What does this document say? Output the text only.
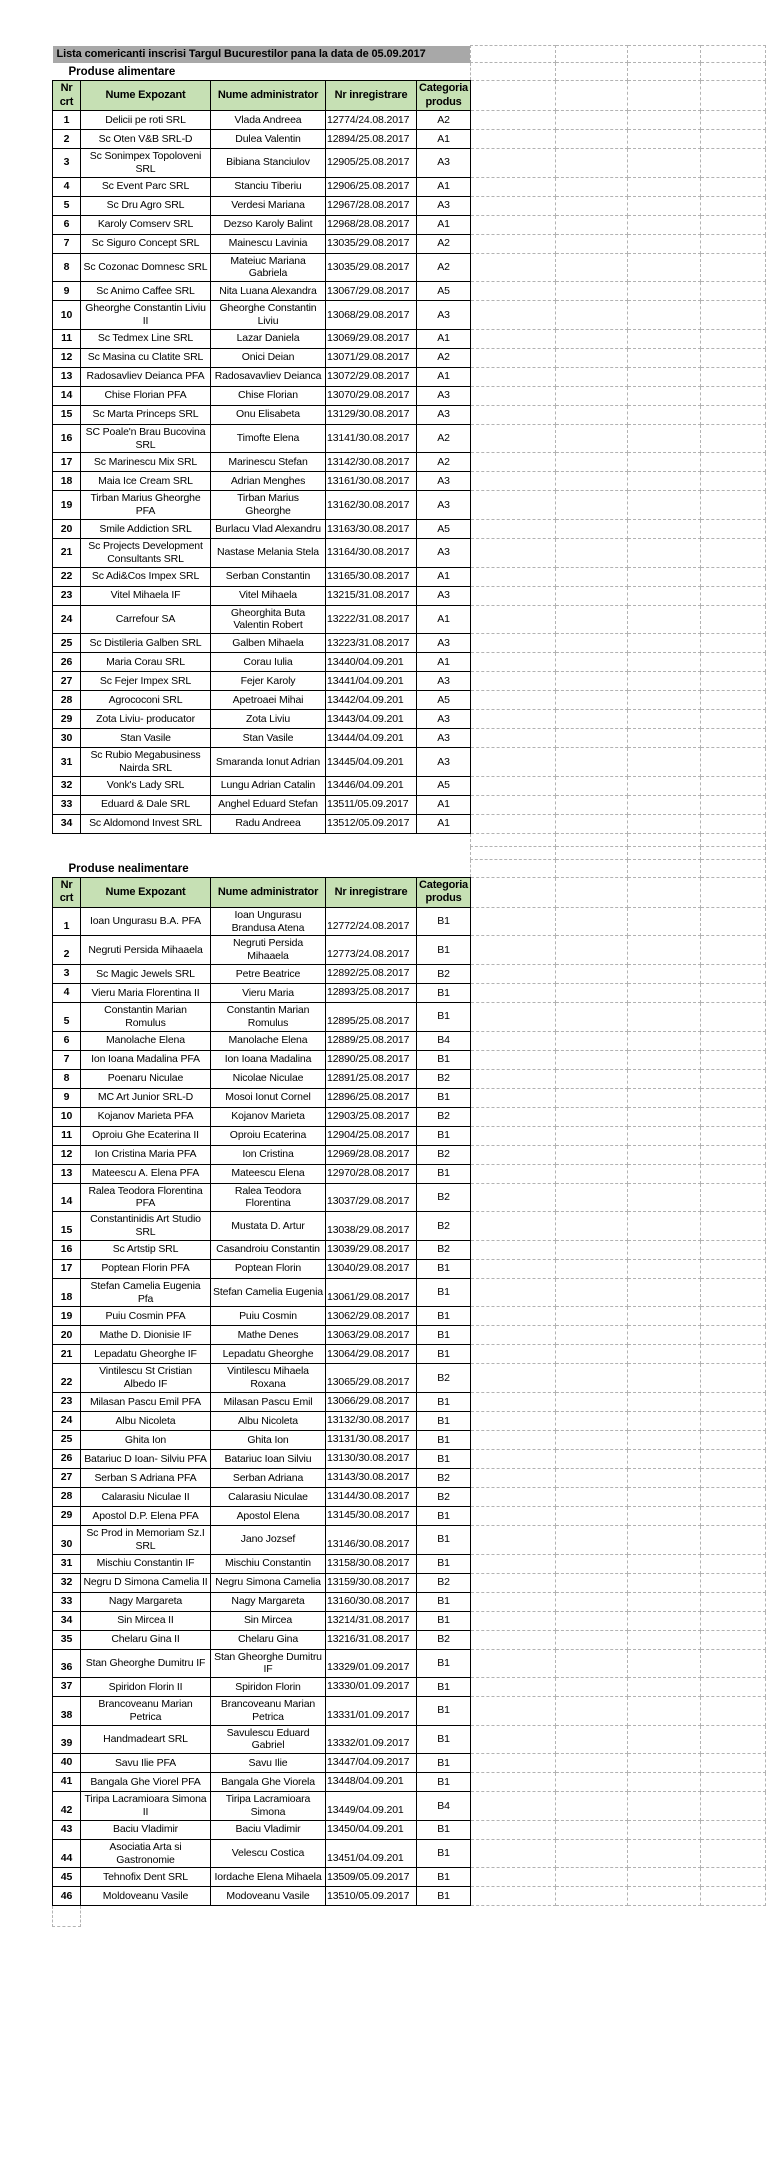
Lista comericanti inscrisi Targul Bucurestilor pana la data de 05.09.2017								
Produse alimentare								
Nr crt	Nume Expozant	Nume administrator	Nr inregistrare	Categoria produs				
1	Delicii pe roti SRL	Vlada Andreea	12774/24.08.2017	A2				
2	Sc Oten V&B SRL-D	Dulea Valentin	12894/25.08.2017	A1				
3	Sc Sonimpex Topoloveni SRL	Bibiana Stanciulov	12905/25.08.2017	A3				
4	Sc Event Parc SRL	Stanciu Tiberiu	12906/25.08.2017	A1				
5	Sc Dru Agro SRL	Verdesi Mariana	12967/28.08.2017	A3				
6	Karoly Comserv SRL	Dezso Karoly Balint	12968/28.08.2017	A1				
7	Sc Siguro Concept SRL	Mainescu Lavinia	13035/29.08.2017	A2				
8	Sc Cozonac Domnesc SRL	Mateiuc Mariana Gabriela	13035/29.08.2017	A2				
9	Sc Animo Caffee SRL	Nita Luana Alexandra	13067/29.08.2017	A5				
10	Gheorghe Constantin Liviu II	Gheorghe Constantin Liviu	13068/29.08.2017	A3				
11	Sc Tedmex Line SRL	Lazar Daniela	13069/29.08.2017	A1				
12	Sc Masina cu Clatite SRL	Onici Deian	13071/29.08.2017	A2				
13	Radosavliev Deianca PFA	Radosavavliev Deianca	13072/29.08.2017	A1				
14	Chise Florian PFA	Chise Florian	13070/29.08.2017	A3				
15	Sc Marta Princeps SRL	Onu Elisabeta	13129/30.08.2017	A3				
16	SC Poale'n Brau Bucovina SRL	Timofte Elena	13141/30.08.2017	A2				
17	Sc Marinescu Mix SRL	Marinescu Stefan	13142/30.08.2017	A2				
18	Maia Ice Cream SRL	Adrian Menghes	13161/30.08.2017	A3				
19	Tirban Marius Gheorghe PFA	Tirban Marius Gheorghe	13162/30.08.2017	A3				
20	Smile Addiction SRL	Burlacu Vlad Alexandru	13163/30.08.2017	A5				
21	Sc Projects Development Consultants SRL	Nastase Melania Stela	13164/30.08.2017	A3				
22	Sc Adi&Cos Impex SRL	Serban Constantin	13165/30.08.2017	A1				
23	Vitel Mihaela IF	Vitel Mihaela	13215/31.08.2017	A3				
24	Carrefour SA	Gheorghita Buta Valentin Robert	13222/31.08.2017	A1				
25	Sc Distileria Galben SRL	Galben Mihaela	13223/31.08.2017	A3				
26	Maria Corau SRL	Corau Iulia	13440/04.09.201	A1				
27	Sc Fejer Impex SRL	Fejer Karoly	13441/04.09.201	A3				
28	Agrococoni SRL	Apetroaei Mihai	13442/04.09.201	A5				
29	Zota Liviu- producator	Zota Liviu	13443/04.09.201	A3				
30	Stan Vasile	Stan Vasile	13444/04.09.201	A3				
31	Sc Rubio Megabusiness Nairda SRL	Smaranda Ionut Adrian	13445/04.09.201	A3				
32	Vonk's Lady SRL	Lungu Adrian Catalin	13446/04.09.201	A5				
33	Eduard & Dale SRL	Anghel Eduard Stefan	13511/05.09.2017	A1				
34	Sc Aldomond Invest SRL	Radu Andreea	13512/05.09.2017	A1				

Produse nealimentare								
Nr crt	Nume Expozant	Nume administrator	Nr inregistrare	Categoria produs				
1	Ioan Ungurasu B.A. PFA	Ioan Ungurasu Brandusa Atena	12772/24.08.2017	B1				
2	Negruti Persida Mihaaela	Negruti Persida Mihaaela	12773/24.08.2017	B1				
3	Sc Magic Jewels SRL	Petre Beatrice	12892/25.08.2017	B2				
4	Vieru Maria Florentina II	Vieru Maria	12893/25.08.2017	B1				
5	Constantin Marian Romulus	Constantin Marian Romulus	12895/25.08.2017	B1				
6	Manolache Elena	Manolache Elena	12889/25.08.2017	B4				
7	Ion Ioana Madalina PFA	Ion Ioana Madalina	12890/25.08.2017	B1				
8	Poenaru Niculae	Nicolae Niculae	12891/25.08.2017	B2				
9	MC Art Junior SRL-D	Mosoi Ionut Cornel	12896/25.08.2017	B1				
10	Kojanov Marieta PFA	Kojanov Marieta	12903/25.08.2017	B2				
11	Oproiu Ghe Ecaterina II	Oproiu Ecaterina	12904/25.08.2017	B1				
12	Ion Cristina Maria PFA	Ion Cristina	12969/28.08.2017	B2				
13	Mateescu A. Elena PFA	Mateescu Elena	12970/28.08.2017	B1				
14	Ralea Teodora Florentina PFA	Ralea Teodora Florentina	13037/29.08.2017	B2				
15	Constantinidis Art Studio SRL	Mustata D. Artur	13038/29.08.2017	B2				
16	Sc Artstip SRL	Casandroiu Constantin	13039/29.08.2017	B2				
17	Poptean Florin PFA	Poptean Florin	13040/29.08.2017	B1				
18	Stefan Camelia Eugenia Pfa	Stefan Camelia Eugenia	13061/29.08.2017	B1				
19	Puiu Cosmin PFA	Puiu Cosmin	13062/29.08.2017	B1				
20	Mathe D. Dionisie IF	Mathe Denes	13063/29.08.2017	B1				
21	Lepadatu Gheorghe IF	Lepadatu Gheorghe	13064/29.08.2017	B1				
22	Vintilescu St Cristian Albedo IF	Vintilescu Mihaela Roxana	13065/29.08.2017	B2				
23	Milasan Pascu Emil PFA	Milasan Pascu Emil	13066/29.08.2017	B1				
24	Albu Nicoleta	Albu Nicoleta	13132/30.08.2017	B1				
25	Ghita Ion	Ghita Ion	13131/30.08.2017	B1				
26	Batariuc D Ioan- Silviu PFA	Batariuc Ioan Silviu	13130/30.08.2017	B1				
27	Serban S Adriana PFA	Serban Adriana	13143/30.08.2017	B2				
28	Calarasiu Niculae II	Calarasiu Niculae	13144/30.08.2017	B2				
29	Apostol D.P. Elena PFA	Apostol Elena	13145/30.08.2017	B1				
30	Sc Prod in Memoriam Sz.I SRL	Jano Jozsef	13146/30.08.2017	B1				
31	Mischiu Constantin IF	Mischiu Constantin	13158/30.08.2017	B1				
32	Negru D Simona Camelia II	Negru Simona Camelia	13159/30.08.2017	B2				
33	Nagy Margareta	Nagy Margareta	13160/30.08.2017	B1				
34	Sin Mircea II	Sin Mircea	13214/31.08.2017	B1				
35	Chelaru Gina II	Chelaru Gina	13216/31.08.2017	B2				
36	Stan Gheorghe Dumitru IF	Stan Gheorghe Dumitru IF	13329/01.09.2017	B1				
37	Spiridon Florin II	Spiridon Florin	13330/01.09.2017	B1				
38	Brancoveanu Marian Petrica	Brancoveanu Marian Petrica	13331/01.09.2017	B1				
39	Handmadeart SRL	Savulescu Eduard Gabriel	13332/01.09.2017	B1				
40	Savu Ilie PFA	Savu Ilie	13447/04.09.2017	B1				
41	Bangala Ghe Viorel PFA	Bangala Ghe Viorela	13448/04.09.201	B1				
42	Tiripa Lacramioara Simona II	Tiripa Lacramioara Simona	13449/04.09.201	B4				
43	Baciu Vladimir	Baciu Vladimir	13450/04.09.201	B1				
44	Asociatia Arta si Gastronomie	Velescu Costica	13451/04.09.201	B1				
45	Tehnofix Dent SRL	Iordache Elena Mihaela	13509/05.09.2017	B1				
46	Moldoveanu Vasile	Modoveanu Vasile	13510/05.09.2017	B1				
